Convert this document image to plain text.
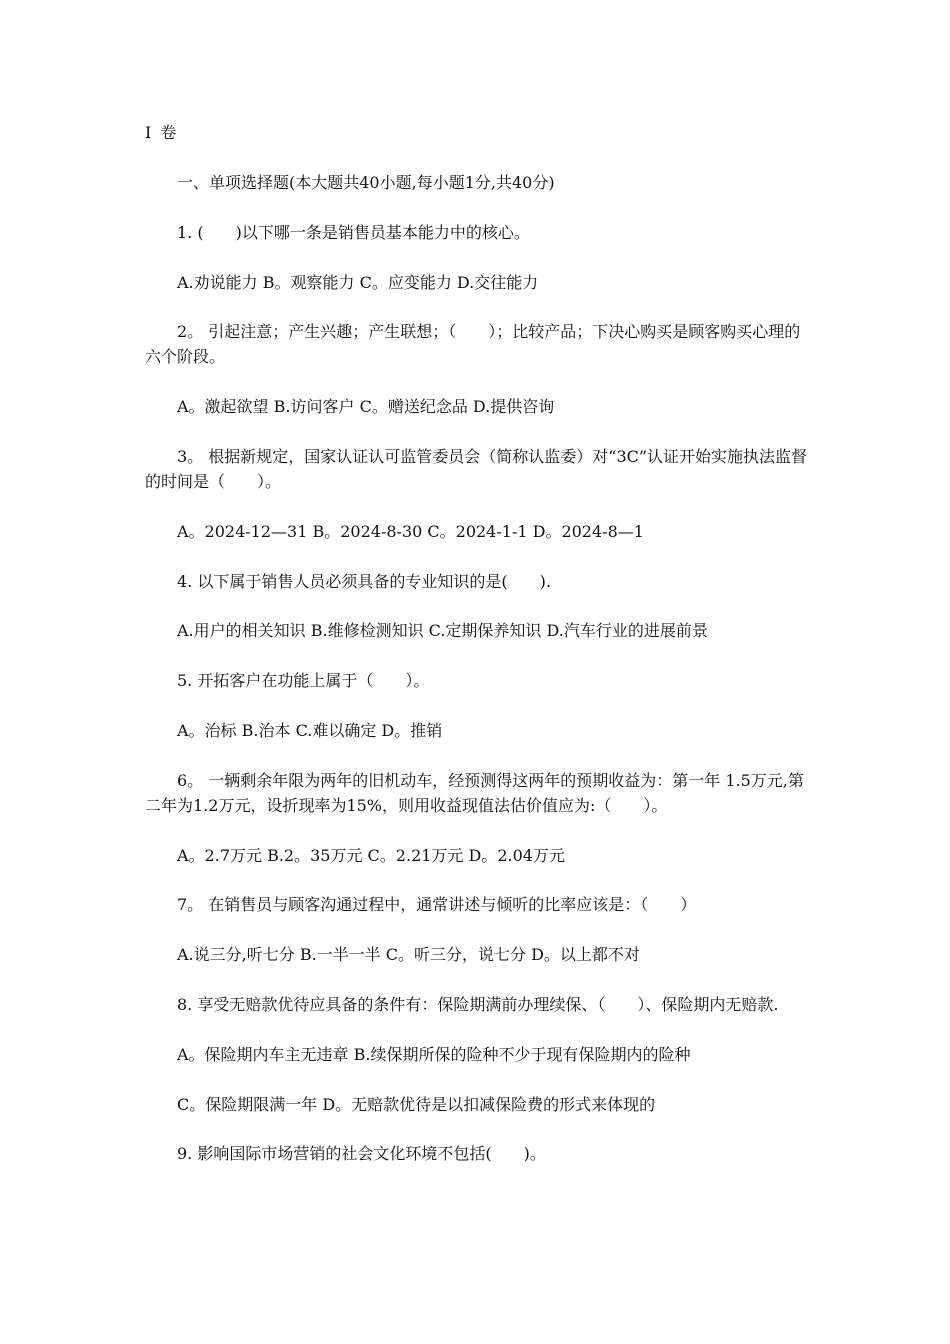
Ⅰ 卷

一、单项选择题(本大题共40小题,每小题1分,共40分)

1. (　　)以下哪一条是销售员基本能力中的核心。

A.劝说能力 B。观察能力 C。应变能力 D.交往能力

2。 引起注意；产生兴趣；产生联想；（　　）；比较产品；下决心购买是顾客购买心理的六个阶段。

A。激起欲望 B.访问客户 C。赠送纪念品 D.提供咨询

3。 根据新规定，国家认证认可监管委员会（简称认监委）对“3C”认证开始实施执法监督的时间是（　　）。

A。2024-12—31 B。2024-8-30 C。2024-1-1 D。2024-8—1

4. 以下属于销售人员必须具备的专业知识的是(　　).

A.用户的相关知识 B.维修检测知识 C.定期保养知识 D.汽车行业的进展前景

5. 开拓客户在功能上属于（　　）。

A。治标 B.治本 C.难以确定 D。推销

6。 一辆剩余年限为两年的旧机动车，经预测得这两年的预期收益为：第一年 1.5万元,第二年为1.2万元，设折现率为15%，则用收益现值法估价值应为:（　　）。

A。2.7万元 B.2。35万元 C。2.21万元 D。2.04万元

7。 在销售员与顾客沟通过程中，通常讲述与倾听的比率应该是：（　　）

A.说三分,听七分 B.一半一半 C。听三分，说七分 D。以上都不对

8. 享受无赔款优待应具备的条件有：保险期满前办理续保、（　　）、保险期内无赔款.

A。保险期内车主无违章 B.续保期所保的险种不少于现有保险期内的险种

C。保险期限满一年 D。无赔款优待是以扣减保险费的形式来体现的

9. 影响国际市场营销的社会文化环境不包括(　　)。
